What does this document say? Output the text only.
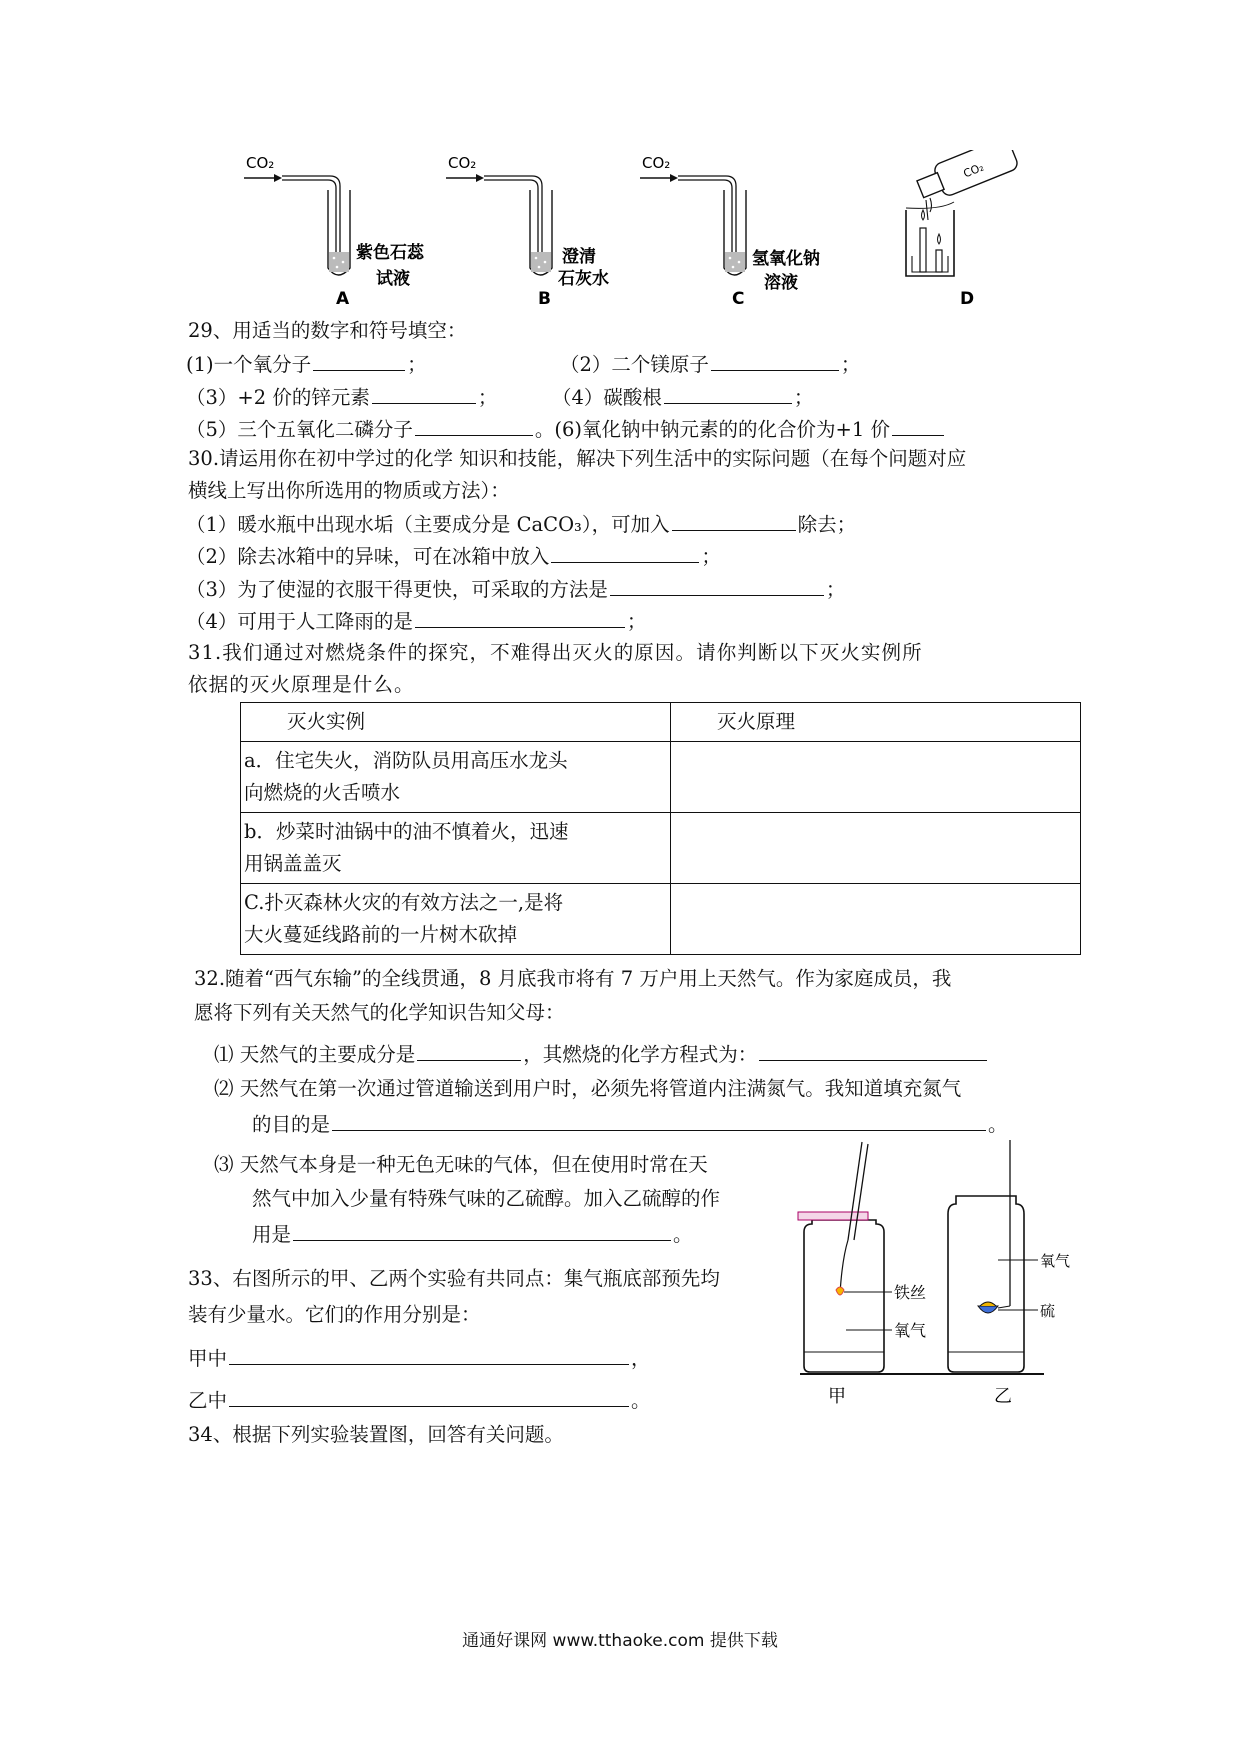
CO₂
紫色石蕊
试液
A
CO₂
澄清
石灰水
B
CO₂
氢氧化钠
溶液
C
CO₂
D
29、用适当的数字和符号填空：
(1)一个氧分子	；	（2）二个镁原子	；
（3）+2 价的锌元素	；	（4）碳酸根	；
（5）三个五氧化二磷分子	。(6)氧化钠中钠元素的的化合价为+1 价
30.请运用你在初中学过的化学 知识和技能，解决下列生活中的实际问题（在每个问题对应
横线上写出你所选用的物质或方法）：
（1）暖水瓶中出现水垢（主要成分是 CaCO₃），可加入	除去；
（2）除去冰箱中的异味，可在冰箱中放入	；
（3）为了使湿的衣服干得更快，可采取的方法是	；
（4）可用于人工降雨的是	；
31.我们通过对燃烧条件的探究，不难得出灭火的原因。请你判断以下灭火实例所
依据的灭火原理是什么。
灭火实例	灭火原理

a．住宅失火，消防队员用高压水龙头
向燃烧的火舌喷水	

b．炒菜时油锅中的油不慎着火，迅速
用锅盖盖灭	

C.扑灭森林火灾的有效方法之一,是将
大火蔓延线路前的一片树木砍掉	

32.随着“西气东输”的全线贯通，8 月底我市将有 7 万户用上天然气。作为家庭成员，我
愿将下列有关天然气的化学知识告知父母：
⑴ 天然气的主要成分是	，其燃烧的化学方程式为：
⑵ 天然气在第一次通过管道输送到用户时，必须先将管道内注满氮气。我知道填充氮气
的目的是	。
⑶ 天然气本身是一种无色无味的气体，但在使用时常在天
然气中加入少量有特殊气味的乙硫醇。加入乙硫醇的作
用是	。
33、右图所示的甲、乙两个实验有共同点：集气瓶底部预先均
装有少量水。它们的作用分别是：
甲中	，
乙中	。
铁丝
氧气
甲
氧气
硫
乙
34、根据下列实验装置图，回答有关问题。
通通好课网 www.tthaoke.com 提供下载
